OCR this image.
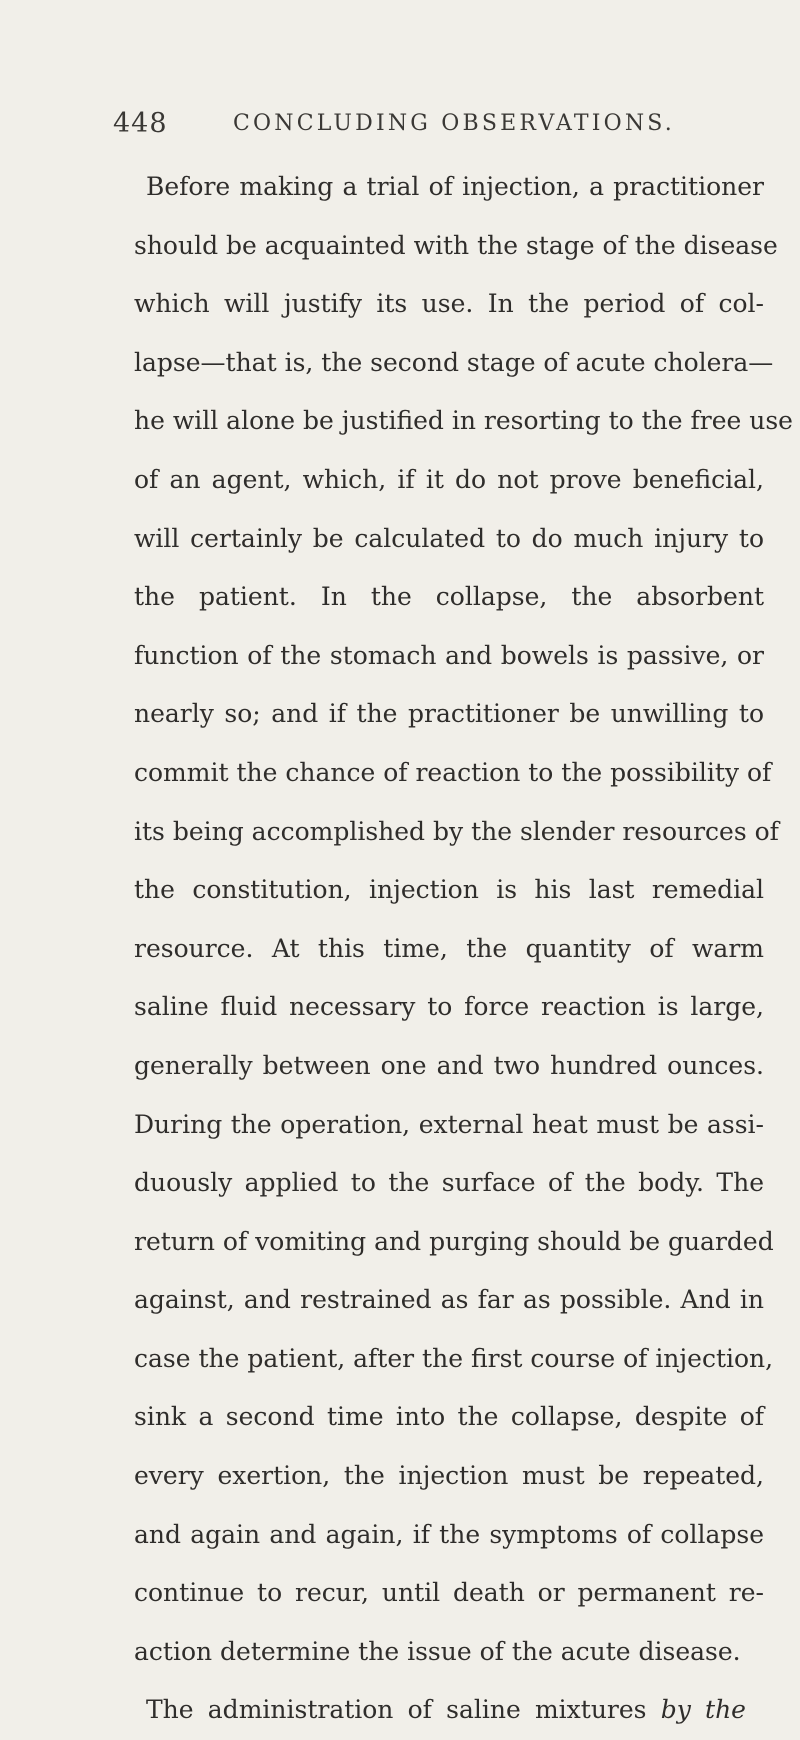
448	CONCLUDING OBSERVATIONS.
Before making a trial of injection, a practitioner
should be acquainted with the stage of the disease
which will justify its use. In the period of col-
lapse—that is, the second stage of acute cholera—
he will alone be justified in resorting to the free use
of an agent, which, if it do not prove beneficial,
will certainly be calculated to do much injury to
the patient. In the collapse, the absorbent
function of the stomach and bowels is passive, or
nearly so; and if the practitioner be unwilling to
commit the chance of reaction to the possibility of
its being accomplished by the slender resources of
the constitution, injection is his last remedial
resource. At this time, the quantity of warm
saline fluid necessary to force reaction is large,
generally between one and two hundred ounces.
During the operation, external heat must be assi-
duously applied to the surface of the body. The
return of vomiting and purging should be guarded
against, and restrained as far as possible. And in
case the patient, after the first course of injection,
sink a second time into the collapse, despite of
every exertion, the injection must be repeated,
and again and again, if the symptoms of collapse
continue to recur, until death or permanent re-
action determine the issue of the acute disease.
The administration of saline mixtures by the
